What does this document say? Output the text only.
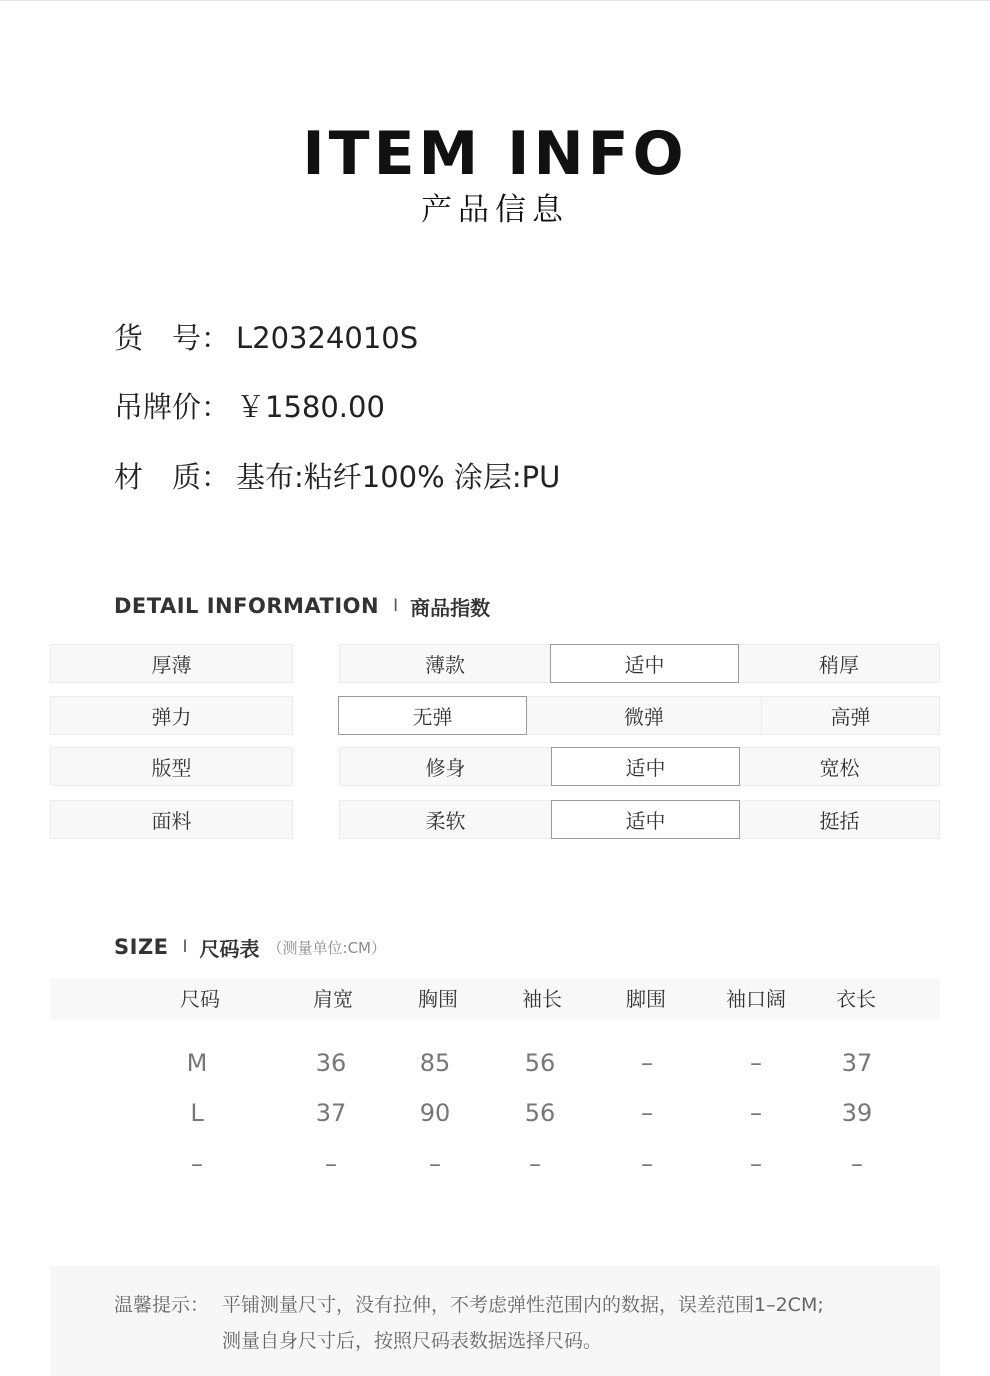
ITEM INFO
产品信息
货　号： L20324010S
吊牌价： ￥1580.00
材　质： 基布:粘纤100% 涂层:PU
DETAIL INFORMATION I 商品指数
厚薄	薄款	适中	稍厚
弹力	无弹	微弹	高弹
版型	修身	适中	宽松
面料	柔软	适中	挺括
SIZE I 尺码表 （测量单位:CM）
尺码	肩宽	胸围	袖长	脚围	袖口阔	衣长
M	36	85	56	–	–	37
L	37	90	56	–	–	39
–	–	–	–	–	–	–
温馨提示： 平铺测量尺寸，没有拉伸，不考虑弹性范围内的数据，误差范围1–2CM;
测量自身尺寸后，按照尺码表数据选择尺码。
